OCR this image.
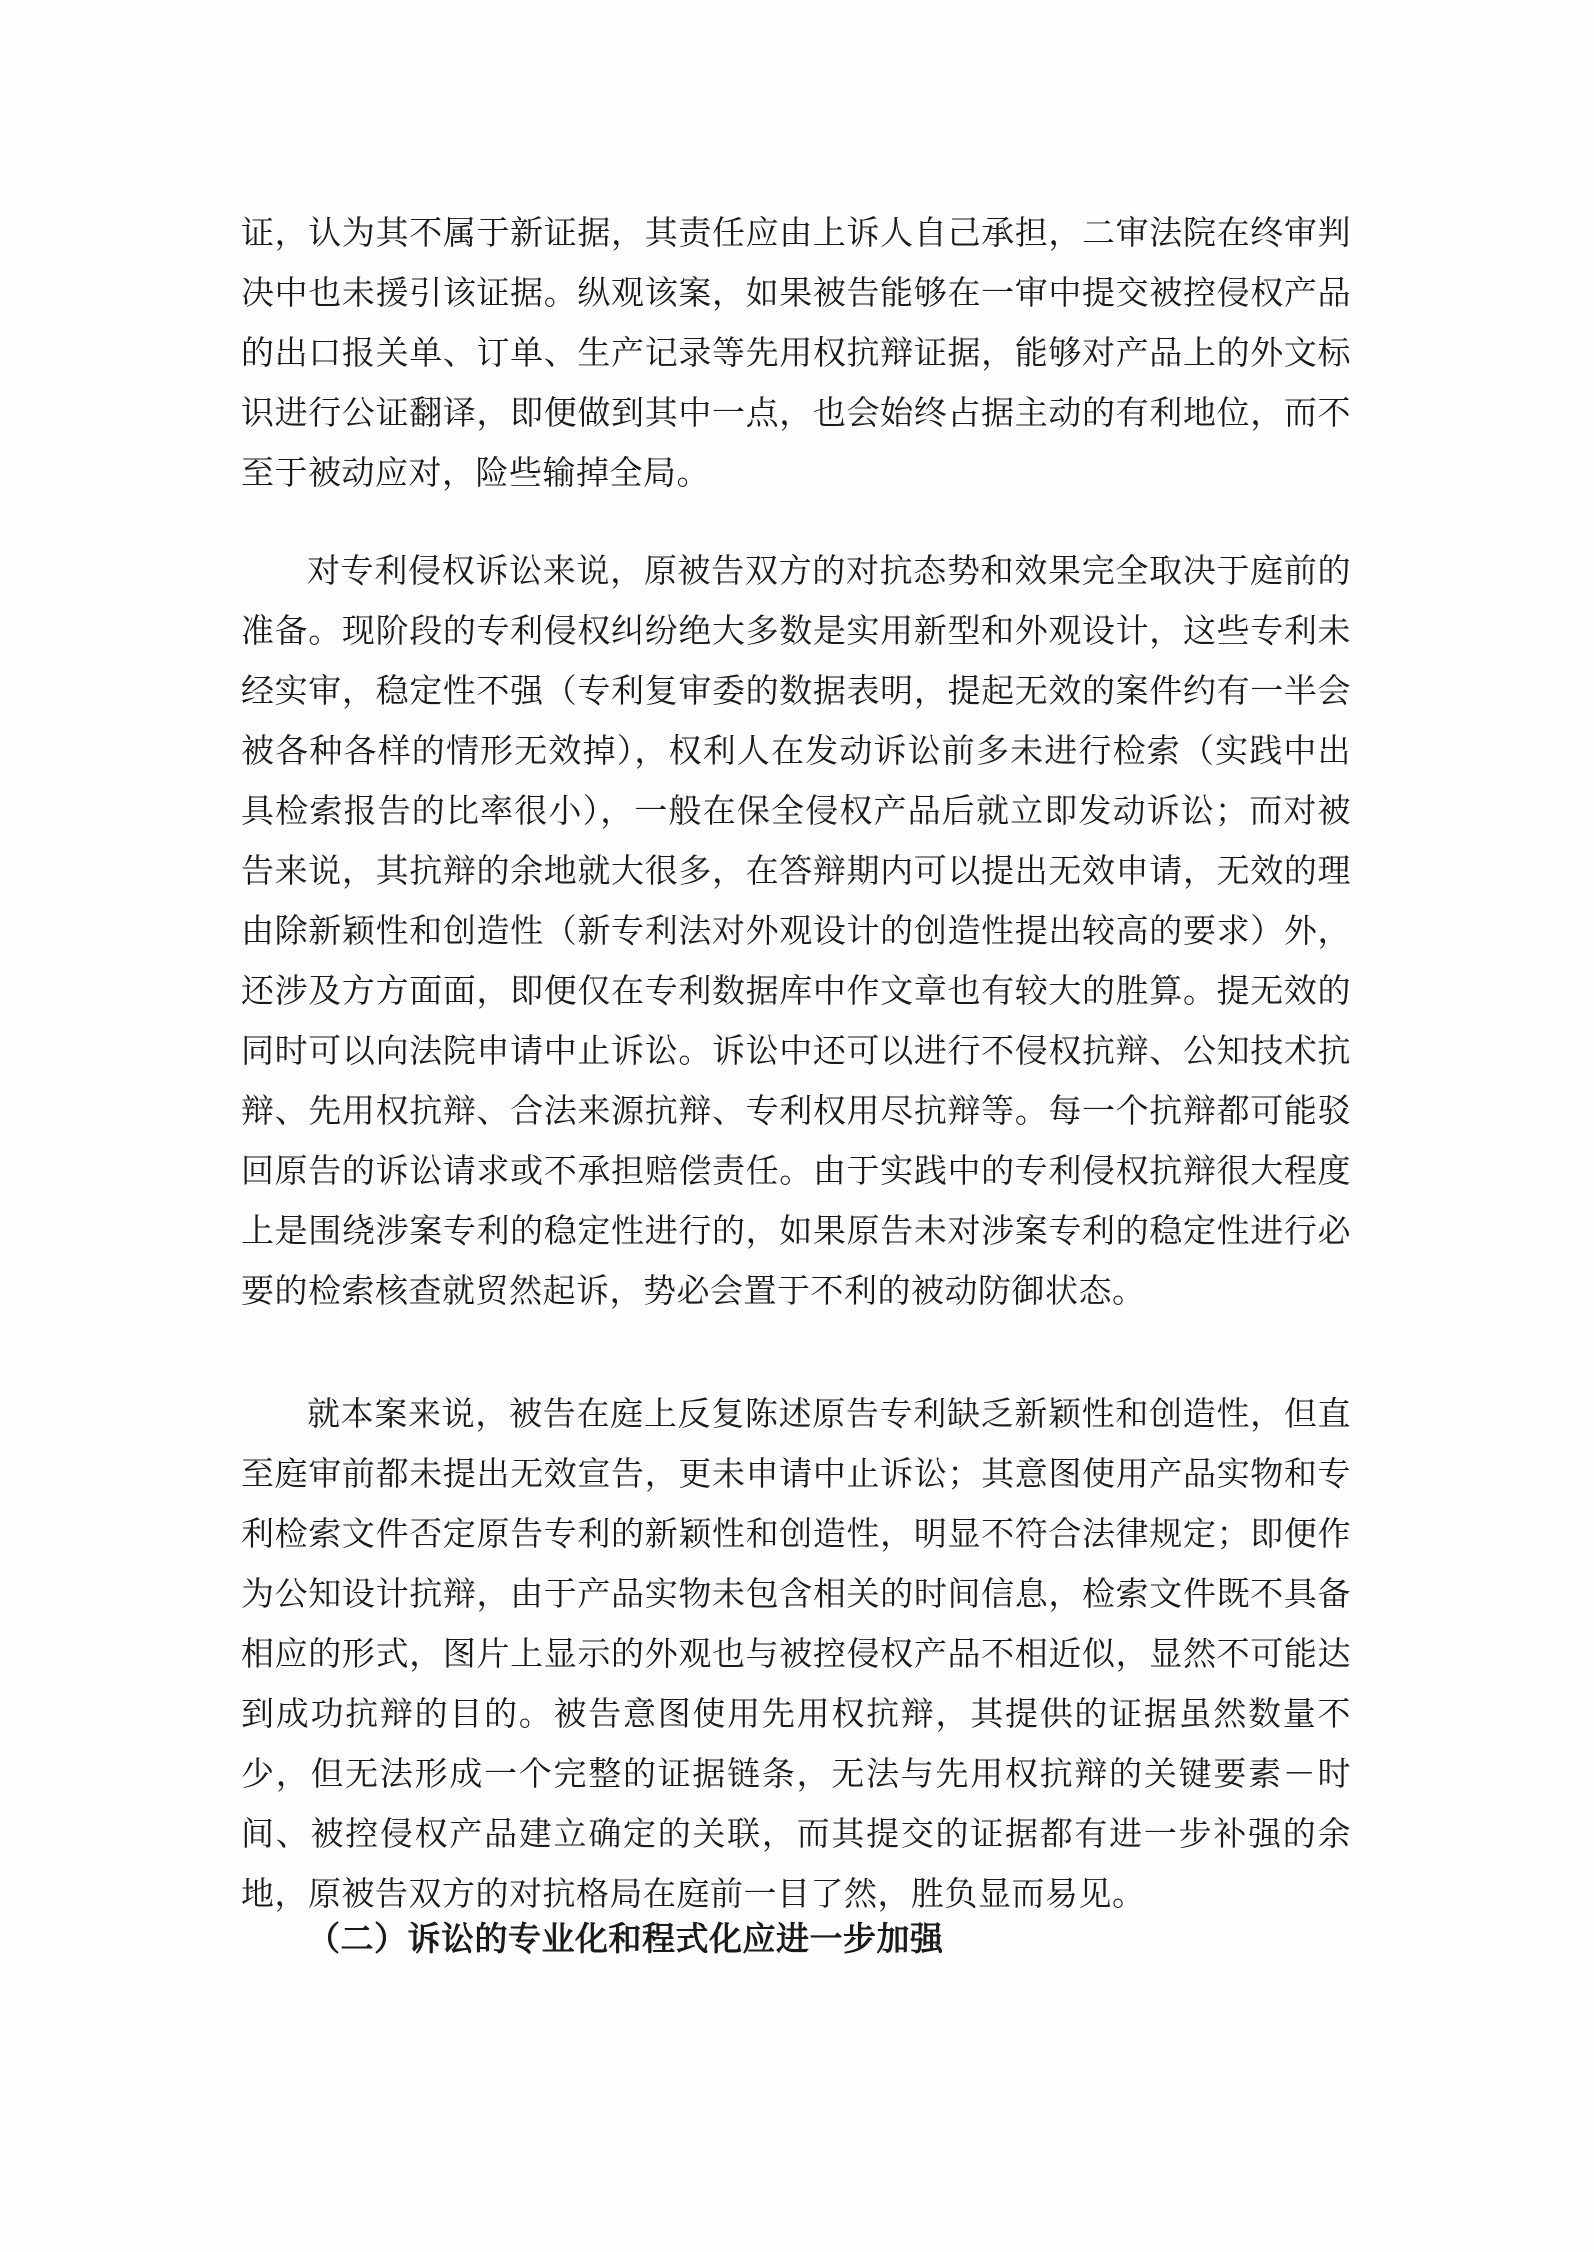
证，认为其不属于新证据，其责任应由上诉人自己承担，二审法院在终审判决中也未援引该证据。纵观该案，如果被告能够在一审中提交被控侵权产品的出口报关单、订单、生产记录等先用权抗辩证据，能够对产品上的外文标识进行公证翻译，即便做到其中一点，也会始终占据主动的有利地位，而不至于被动应对，险些输掉全局。

对专利侵权诉讼来说，原被告双方的对抗态势和效果完全取决于庭前的准备。现阶段的专利侵权纠纷绝大多数是实用新型和外观设计，这些专利未经实审，稳定性不强（专利复审委的数据表明，提起无效的案件约有一半会被各种各样的情形无效掉），权利人在发动诉讼前多未进行检索（实践中出具检索报告的比率很小），一般在保全侵权产品后就立即发动诉讼；而对被告来说，其抗辩的余地就大很多，在答辩期内可以提出无效申请，无效的理由除新颖性和创造性（新专利法对外观设计的创造性提出较高的要求）外，还涉及方方面面，即便仅在专利数据库中作文章也有较大的胜算。提无效的同时可以向法院申请中止诉讼。诉讼中还可以进行不侵权抗辩、公知技术抗辩、先用权抗辩、合法来源抗辩、专利权用尽抗辩等。每一个抗辩都可能驳回原告的诉讼请求或不承担赔偿责任。由于实践中的专利侵权抗辩很大程度上是围绕涉案专利的稳定性进行的，如果原告未对涉案专利的稳定性进行必要的检索核查就贸然起诉，势必会置于不利的被动防御状态。

就本案来说，被告在庭上反复陈述原告专利缺乏新颖性和创造性，但直至庭审前都未提出无效宣告，更未申请中止诉讼；其意图使用产品实物和专利检索文件否定原告专利的新颖性和创造性，明显不符合法律规定；即便作为公知设计抗辩，由于产品实物未包含相关的时间信息，检索文件既不具备相应的形式，图片上显示的外观也与被控侵权产品不相近似，显然不可能达到成功抗辩的目的。被告意图使用先用权抗辩，其提供的证据虽然数量不少，但无法形成一个完整的证据链条，无法与先用权抗辩的关键要素－时间、被控侵权产品建立确定的关联，而其提交的证据都有进一步补强的余地，原被告双方的对抗格局在庭前一目了然，胜负显而易见。

（二）诉讼的专业化和程式化应进一步加强
